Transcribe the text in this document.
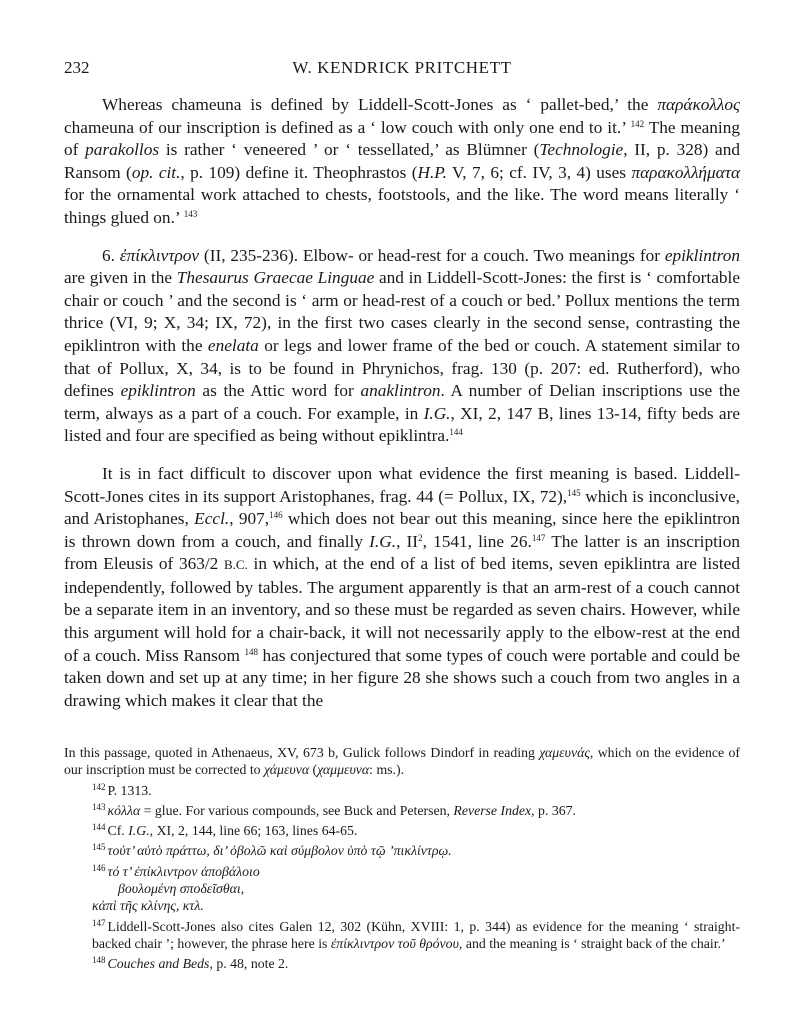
232	W. KENDRICK PRITCHETT

Whereas chameuna is defined by Liddell-Scott-Jones as ‘ pallet-bed,’ the παράκολλος chameuna of our inscription is defined as a ‘ low couch with only one end to it.’ $^{142}$ The meaning of parakollos is rather ‘ veneered ’ or ‘ tessellated,’ as Blümner (Technologie, II, p. 328) and Ransom (op. cit., p. 109) define it. Theophrastos (H.P. V, 7, 6; cf. IV, 3, 4) uses παρακολλήματα for the ornamental work attached to chests, footstools, and the like. The word means literally ‘ things glued on.’ $^{143}$

6. ἐπίκλιντρον (II, 235-236). Elbow- or head-rest for a couch. Two meanings for epiklintron are given in the Thesaurus Graecae Linguae and in Liddell-Scott-Jones: the first is ‘ comfortable chair or couch ’ and the second is ‘ arm or head-rest of a couch or bed.’ Pollux mentions the term thrice (VI, 9; X, 34; IX, 72), in the first two cases clearly in the second sense, contrasting the epiklintron with the enelata or legs and lower frame of the bed or couch. A statement similar to that of Pollux, X, 34, is to be found in Phrynichos, frag. 130 (p. 207: ed. Rutherford), who defines epiklintron as the Attic word for anaklintron. A number of Delian inscriptions use the term, always as a part of a couch. For example, in I.G., XI, 2, 147 B, lines 13-14, fifty beds are listed and four are specified as being without epiklintra.$^{144}$

It is in fact difficult to discover upon what evidence the first meaning is based. Liddell-Scott-Jones cites in its support Aristophanes, frag. 44 (= Pollux, IX, 72),$^{145}$ which is inconclusive, and Aristophanes, Eccl., 907,$^{146}$ which does not bear out this meaning, since here the epiklintron is thrown down from a couch, and finally I.G., $II^2$, 1541, line 26.$^{147}$ The latter is an inscription from Eleusis of 363/2 B.C. in which, at the end of a list of bed items, seven epiklintra are listed independently, followed by tables. The argument apparently is that an arm-rest of a couch cannot be a separate item in an inventory, and so these must be regarded as seven chairs. However, while this argument will hold for a chair-back, it will not necessarily apply to the elbow-rest at the end of a couch. Miss Ransom $^{148}$ has conjectured that some types of couch were portable and could be taken down and set up at any time; in her figure 28 she shows such a couch from two angles in a drawing which makes it clear that the

In this passage, quoted in Athenaeus, XV, 673 b, Gulick follows Dindorf in reading χαμευνάς, which on the evidence of our inscription must be corrected to χάμευνα (χαμμευνα: ms.).

$^{142}$ P. 1313.

$^{143}$ κόλλα = glue. For various compounds, see Buck and Petersen, Reverse Index, p. 367.

$^{144}$ Cf. I.G., XI, 2, 144, line 66; 163, lines 64-65.

$^{145}$ τοὐτ’ αὐτὸ πράττω, δι’ ὀβολῶ καὶ σύμβολον ὑπὸ τῷ ’πικλίντρῳ.

$^{146}$ τό τ’ ἐπίκλιντρον ἀποβάλοιο

βουλομένη σποδεῖσθαι,

κἀπὶ τῆς κλίνης, κτλ.

$^{147}$ Liddell-Scott-Jones also cites Galen 12, 302 (Kühn, XVIII: 1, p. 344) as evidence for the meaning ‘ straight-backed chair ’; however, the phrase here is ἐπίκλιντρον τοῦ θρόνου, and the meaning is ‘ straight back of the chair.’

$^{148}$ Couches and Beds, p. 48, note 2.
